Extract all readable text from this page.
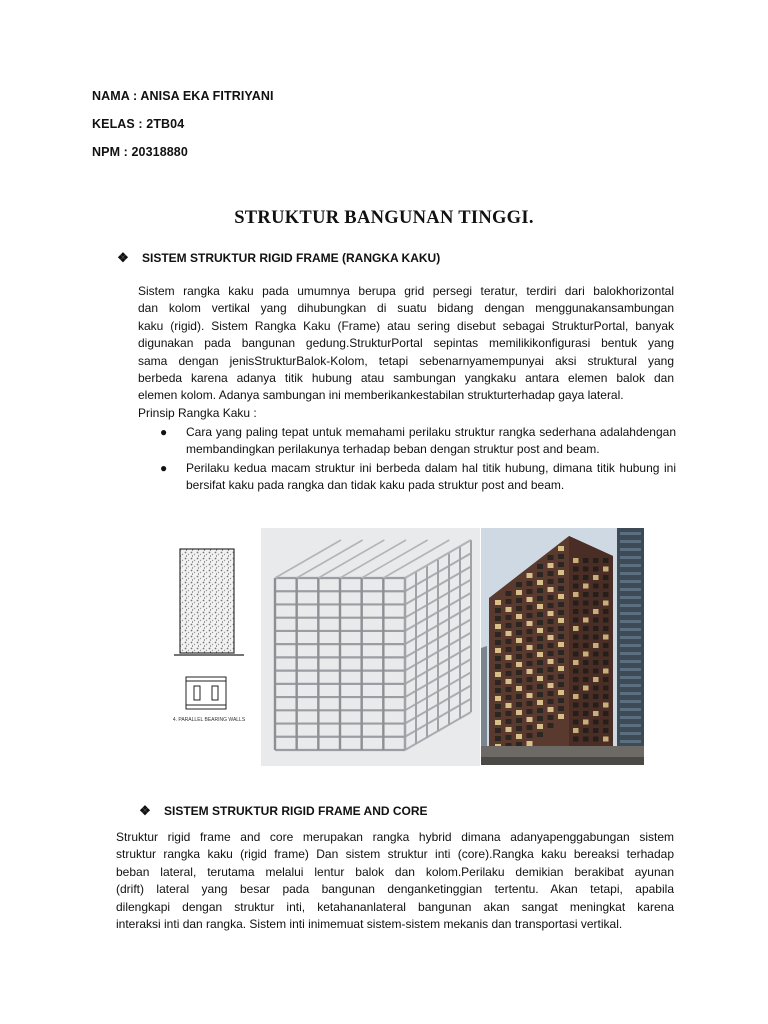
NAMA : ANISA EKA FITRIYANI
KELAS : 2TB04
NPM : 20318880
STRUKTUR BANGUNAN TINGGI.
❖ SISTEM STRUKTUR RIGID FRAME (RANGKA KAKU)
Sistem rangka kaku pada umumnya berupa grid persegi teratur, terdiri dari balokhorizontal
dan kolom vertikal yang dihubungkan di suatu bidang dengan menggunakansambungan
kaku (rigid). Sistem Rangka Kaku (Frame) atau sering disebut sebagai StrukturPortal, banyak
digunakan pada bangunan gedung.StrukturPortal sepintas memilikikonfigurasi bentuk yang
sama dengan jenisStrukturBalok-Kolom, tetapi sebenarnyamempunyai aksi struktural yang
berbeda karena adanya titik hubung atau sambungan yangkaku antara elemen balok dan
elemen kolom. Adanya sambungan ini memberikankestabilan strukturterhadap gaya lateral.
Prinsip Rangka Kaku :
● Cara yang paling tepat untuk memahami perilaku struktur rangka sederhana adalahdengan membandingkan perilakunya terhadap beban dengan struktur post and beam.
● Perilaku kedua macam struktur ini berbeda dalam hal titik hubung, dimana titik hubung ini bersifat kaku pada rangka dan tidak kaku pada struktur post and beam.
4. PARALLEL BEARING WALLS
❖ SISTEM STRUKTUR RIGID FRAME AND CORE
Struktur rigid frame and core merupakan rangka hybrid dimana adanyapenggabungan sistem
struktur rangka kaku (rigid frame) Dan sistem struktur inti (core).Rangka kaku bereaksi terhadap
beban lateral, terutama melalui lentur balok dan kolom.Perilaku demikian berakibat ayunan
(drift) lateral yang besar pada bangunan denganketinggian tertentu. Akan tetapi, apabila
dilengkapi dengan struktur inti, ketahananlateral bangunan akan sangat meningkat karena
interaksi inti dan rangka. Sistem inti inimemuat sistem-sistem mekanis dan transportasi vertikal.
